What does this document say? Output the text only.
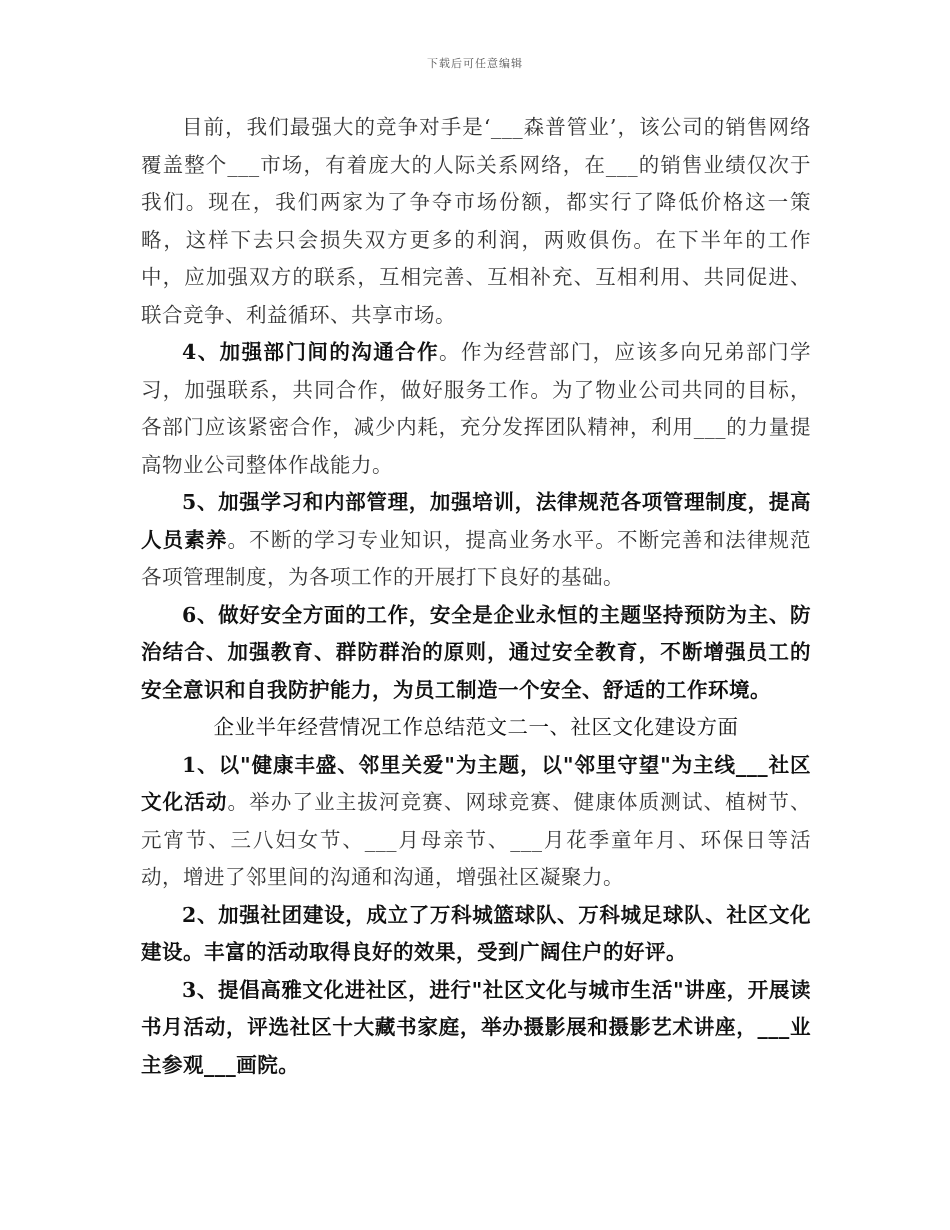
下载后可任意编辑

目前，我们最强大的竞争对手是‘___森普管业’，该公司的销售网络覆盖整个___市场，有着庞大的人际关系网络，在___的销售业绩仅次于我们。现在，我们两家为了争夺市场份额，都实行了降低价格这一策略，这样下去只会损失双方更多的利润，两败俱伤。在下半年的工作中，应加强双方的联系，互相完善、互相补充、互相利用、共同促进、联合竞争、利益循环、共享市场。

4、加强部门间的沟通合作。作为经营部门，应该多向兄弟部门学习，加强联系，共同合作，做好服务工作。为了物业公司共同的目标，各部门应该紧密合作，减少内耗，充分发挥团队精神，利用___的力量提高物业公司整体作战能力。

5、加强学习和内部管理，加强培训，法律规范各项管理制度，提高人员素养。不断的学习专业知识，提高业务水平。不断完善和法律规范各项管理制度，为各项工作的开展打下良好的基础。

6、做好安全方面的工作，安全是企业永恒的主题坚持预防为主、防治结合、加强教育、群防群治的原则，通过安全教育，不断增强员工的安全意识和自我防护能力，为员工制造一个安全、舒适的工作环境。

企业半年经营情况工作总结范文二一、社区文化建设方面

1、以"健康丰盛、邻里关爱"为主题，以"邻里守望"为主线___社区文化活动。举办了业主拔河竞赛、网球竞赛、健康体质测试、植树节、元宵节、三八妇女节、___月母亲节、___月花季童年月、环保日等活动，增进了邻里间的沟通和沟通，增强社区凝聚力。

2、加强社团建设，成立了万科城篮球队、万科城足球队、社区文化建设。丰富的活动取得良好的效果，受到广阔住户的好评。

3、提倡高雅文化进社区，进行"社区文化与城市生活"讲座，开展读书月活动，评选社区十大藏书家庭，举办摄影展和摄影艺术讲座，___业主参观___画院。
